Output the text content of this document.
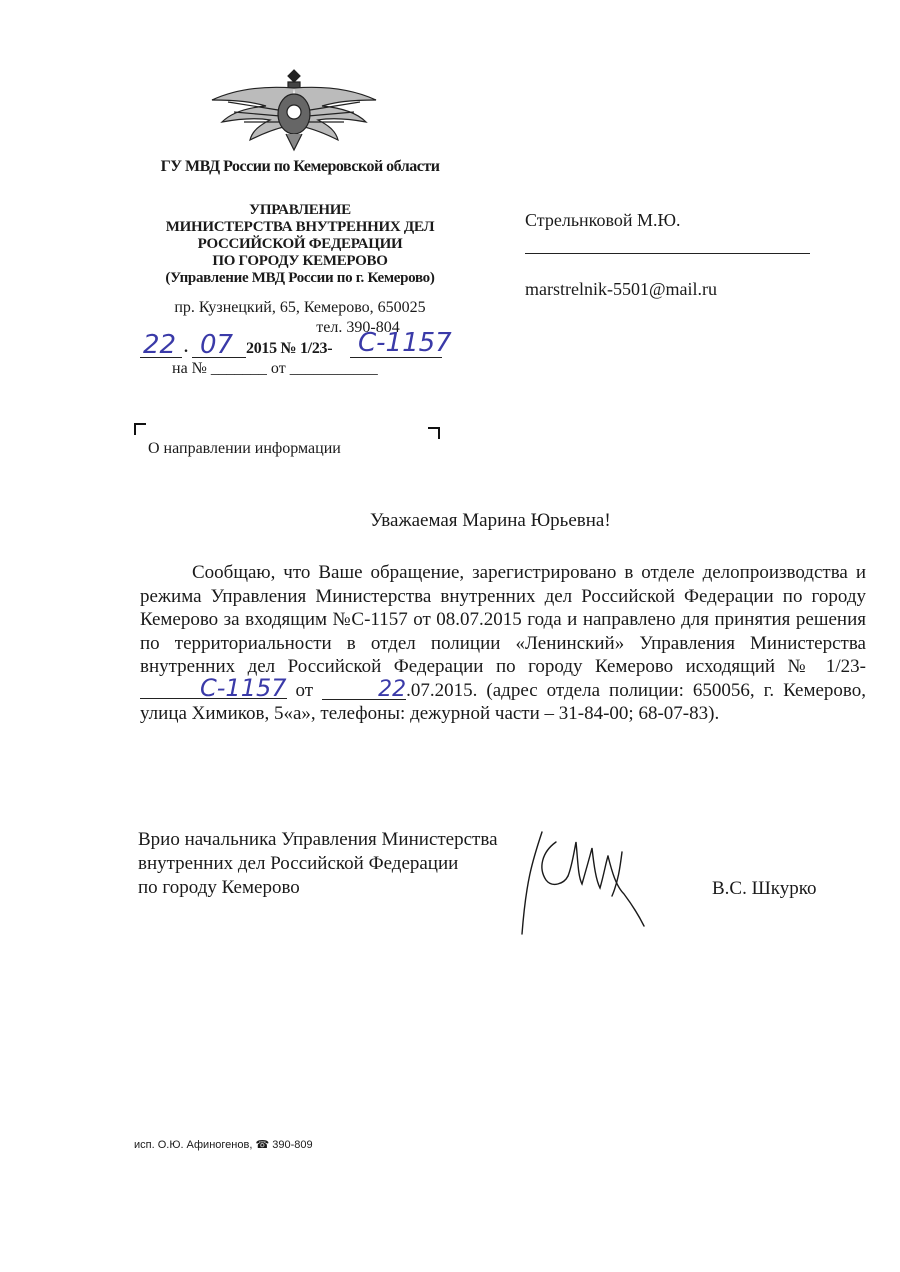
ГУ МВД России по Кемеровской области
УПРАВЛЕНИЕ
МИНИСТЕРСТВА ВНУТРЕННИХ ДЕЛ
РОССИЙСКОЙ ФЕДЕРАЦИИ
ПО ГОРОДУ КЕМЕРОВО
(Управление МВД России по г. Кемерово)
пр. Кузнецкий, 65, Кемерово, 650025
тел. 390-804
22 . 07 2015 № 1/23- С-1157
на № _______ от ___________
Стрельнковой М.Ю.
marstrelnik-5501@mail.ru
О направлении информации
Уважаемая Марина Юрьевна!
Сообщаю, что Ваше обращение, зарегистрировано в отделе делопроизводства и режима Управления Министерства внутренних дел Российской Федерации по городу Кемерово за входящим №С-1157 от 08.07.2015 года и направлено для принятия решения по территориальности в отдел полиции «Ленинский» Управления Министерства внутренних дел Российской Федерации по городу Кемерово исходящий № 1/23-С-1157 от	22.07.2015. (адрес отдела полиции: 650056, г. Кемерово, улица Химиков, 5«а», телефоны: дежурной части – 31-84-00; 68-07-83).
Врио начальника Управления Министерства
внутренних дел Российской Федерации
по городу Кемерово	В.С. Шкурко
исп. О.Ю. Афиногенов, ☎ 390-809
